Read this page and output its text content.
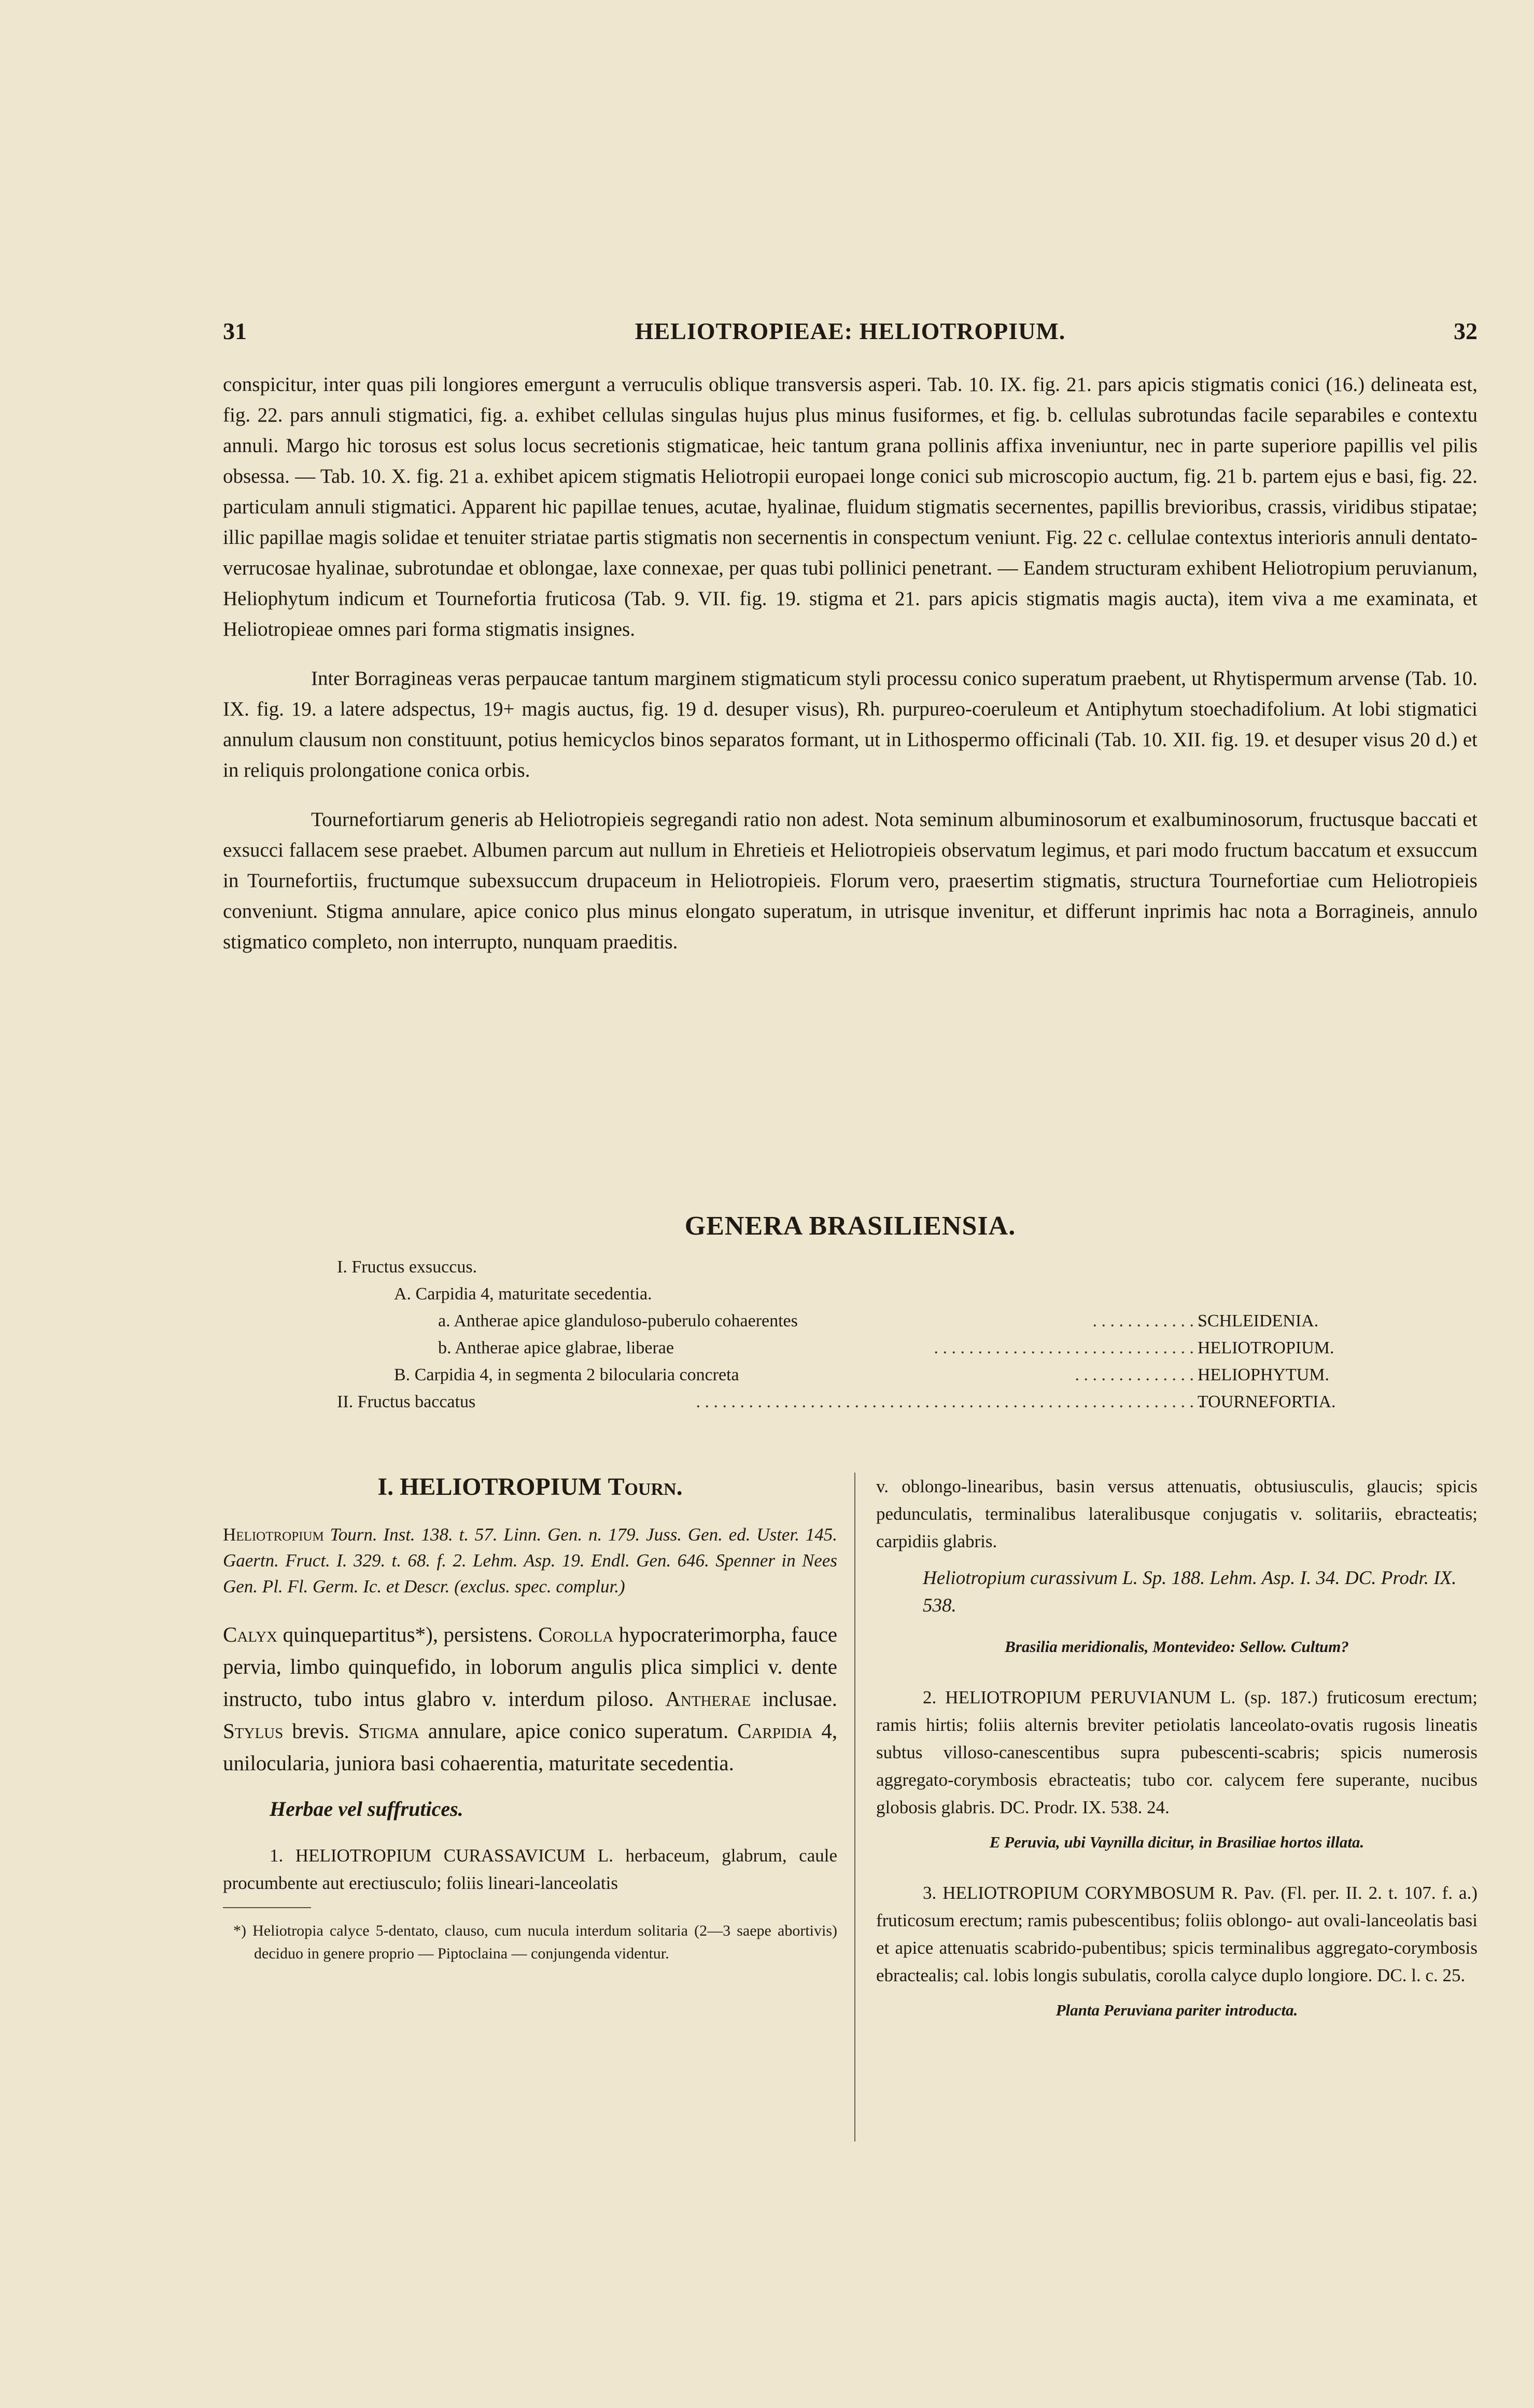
31	HELIOTROPIEAE: HELIOTROPIUM.	32

conspicitur, inter quas pili longiores emergunt a verruculis oblique transversis asperi. Tab. 10. IX. fig. 21. pars apicis stigmatis conici (16.) delineata est, fig. 22. pars annuli stigmatici, fig. a. exhibet cellulas singulas hujus plus minus fusiformes, et fig. b. cellulas subrotundas facile separabiles e contextu annuli. Margo hic torosus est solus locus secretionis stigmaticae, heic tantum grana pollinis affixa inveniuntur, nec in parte superiore papillis vel pilis obsessa. — Tab. 10. X. fig. 21 a. exhibet apicem stigmatis Heliotropii europaei longe conici sub microscopio auctum, fig. 21 b. partem ejus e basi, fig. 22. particulam annuli stigmatici. Apparent hic papillae tenues, acutae, hyalinae, fluidum stigmatis secernentes, papillis brevioribus, crassis, viridibus stipatae; illic papillae magis solidae et tenuiter striatae partis stigmatis non secernentis in conspectum veniunt. Fig. 22 c. cellulae contextus interioris annuli dentato-verrucosae hyalinae, subrotundae et oblongae, laxe connexae, per quas tubi pollinici penetrant. — Eandem structuram exhibent Heliotropium peruvianum, Heliophytum indicum et Tournefortia fruticosa (Tab. 9. VII. fig. 19. stigma et 21. pars apicis stigmatis magis aucta), item viva a me examinata, et Heliotropieae omnes pari forma stigmatis insignes.

Inter Borragineas veras perpaucae tantum marginem stigmaticum styli processu conico superatum praebent, ut Rhytispermum arvense (Tab. 10. IX. fig. 19. a latere adspectus, 19+ magis auctus, fig. 19 d. desuper visus), Rh. purpureo-coeruleum et Antiphytum stoechadifolium. At lobi stigmatici annulum clausum non constituunt, potius hemicyclos binos separatos formant, ut in Lithospermo officinali (Tab. 10. XII. fig. 19. et desuper visus 20 d.) et in reliquis prolongatione conica orbis.

Tournefortiarum generis ab Heliotropieis segregandi ratio non adest. Nota seminum albuminosorum et exalbuminosorum, fructusque baccati et exsucci fallacem sese praebet. Albumen parcum aut nullum in Ehretieis et Heliotropieis observatum legimus, et pari modo fructum baccatum et exsuccum in Tournefortiis, fructumque subexsuccum drupaceum in Heliotropieis. Florum vero, praesertim stigmatis, structura Tournefortiae cum Heliotropieis conveniunt. Stigma annulare, apice conico plus minus elongato superatum, in utrisque invenitur, et differunt inprimis hac nota a Borragineis, annulo stigmatico completo, non interrupto, nunquam praeditis.

GENERA BRASILIENSIA.
I. Fructus exsuccus.
A. Carpidia 4, maturitate secedentia.
. . . . . . . . . . . . .
a. Antherae apice glanduloso-puberulo cohaerentes	SCHLEIDENIA.
. . . . . . . . . . . . . . . . . . . . . . . . . . . . . . .
b. Antherae apice glabrae, liberae	HELIOTROPIUM.
. . . . . . . . . . . . . . .
B. Carpidia 4, in segmenta 2 bilocularia concreta	HELIOPHYTUM.
. . . . . . . . . . . . . . . . . . . . . . . . . . . . . . . . . . . . . . . . . . . . . . . . . . . . . . . . . .
II. Fructus baccatus	TOURNEFORTIA.
I. HELIOTROPIUM Tourn.

Heliotropium Tourn. Inst. 138. t. 57. Linn. Gen. n. 179. Juss. Gen. ed. Uster. 145. Gaertn. Fruct. I. 329. t. 68. f. 2. Lehm. Asp. 19. Endl. Gen. 646. Spenner in Nees Gen. Pl. Fl. Germ. Ic. et Descr. (exclus. spec. complur.)

Calyx quinquepartitus*), persistens. Corolla hypocraterimorpha, fauce pervia, limbo quinquefido, in loborum angulis plica simplici v. dente instructo, tubo intus glabro v. interdum piloso. Antherae inclusae. Stylus brevis. Stigma annulare, apice conico superatum. Carpidia 4, unilocularia, juniora basi cohaerentia, maturitate secedentia.

Herbae vel suffrutices.

1. HELIOTROPIUM CURASSAVICUM L. herbaceum, glabrum, caule procumbente aut erectiusculo; foliis lineari-lanceolatis

*) Heliotropia calyce 5-dentato, clauso, cum nucula interdum solitaria (2—3 saepe abortivis) deciduo in genere proprio — Piptoclaina — conjungenda videntur.

v. oblongo-linearibus, basin versus attenuatis, obtusiusculis, glaucis; spicis pedunculatis, terminalibus lateralibusque conjugatis v. solitariis, ebracteatis; carpidiis glabris.

Heliotropium curassivum L. Sp. 188. Lehm. Asp. I. 34. DC. Prodr. IX. 538.

Brasilia meridionalis, Montevideo: Sellow. Cultum?

2. HELIOTROPIUM PERUVIANUM L. (sp. 187.) fruticosum erectum; ramis hirtis; foliis alternis breviter petiolatis lanceolato-ovatis rugosis lineatis subtus villoso-canescentibus supra pubescenti-scabris; spicis numerosis aggregato-corymbosis ebracteatis; tubo cor. calycem fere superante, nucibus globosis glabris. DC. Prodr. IX. 538. 24.

E Peruvia, ubi Vaynilla dicitur, in Brasiliae hortos illata.

3. HELIOTROPIUM CORYMBOSUM R. Pav. (Fl. per. II. 2. t. 107. f. a.) fruticosum erectum; ramis pubescentibus; foliis oblongo- aut ovali-lanceolatis basi et apice attenuatis scabrido-pubentibus; spicis terminalibus aggregato-corymbosis ebractealis; cal. lobis longis subulatis, corolla calyce duplo longiore. DC. l. c. 25.

Planta Peruviana pariter introducta.
